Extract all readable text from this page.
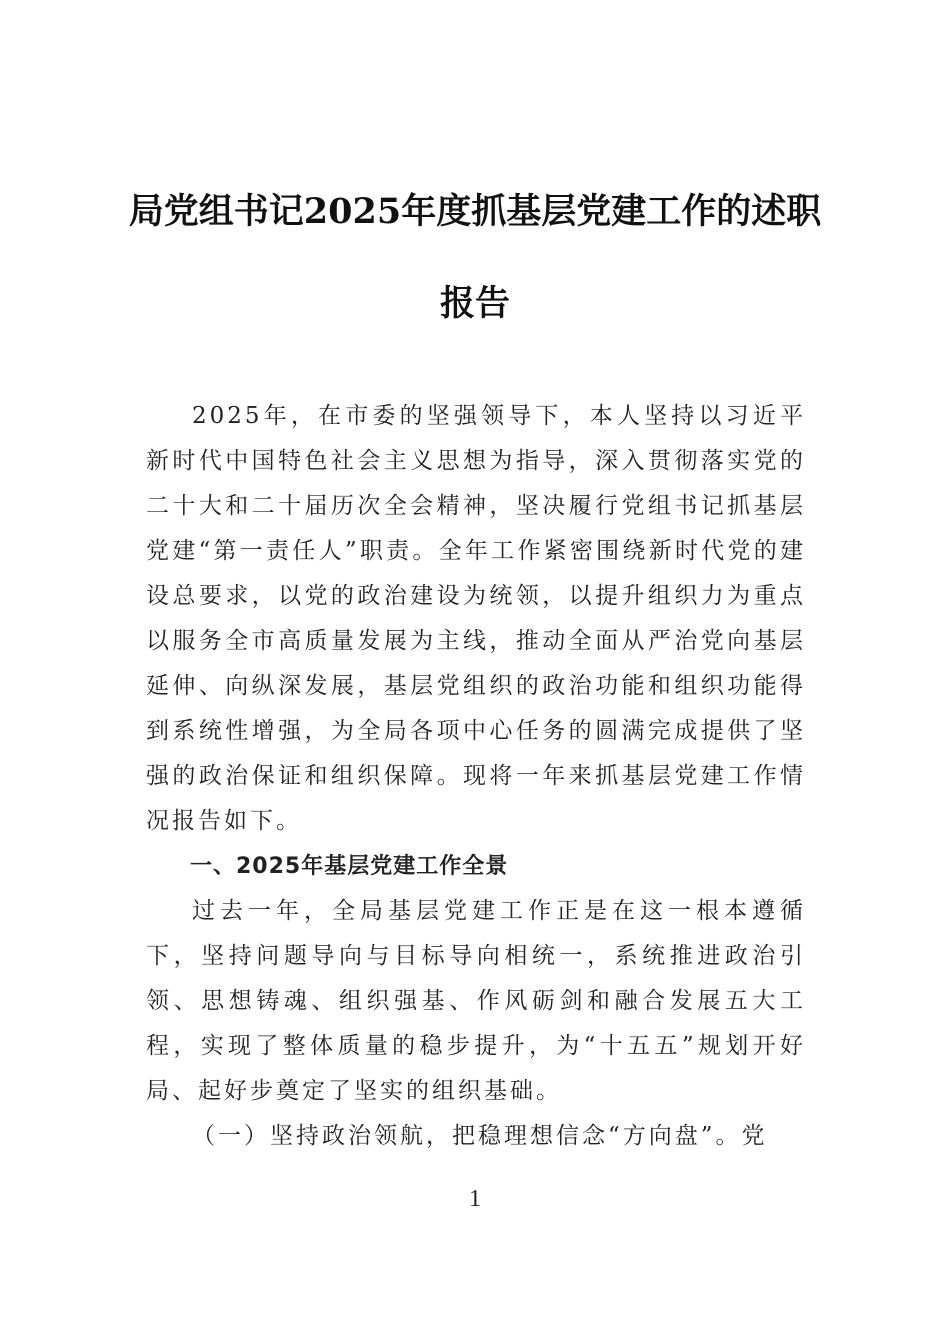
局党组书记2025年度抓基层党建工作的述职报告

2025年，在市委的坚强领导下，本人坚持以习近平新时代中国特色社会主义思想为指导，深入贯彻落实党的二十大和二十届历次全会精神，坚决履行党组书记抓基层党建“第一责任人”职责。全年工作紧密围绕新时代党的建设总要求，以党的政治建设为统领，以提升组织力为重点以服务全市高质量发展为主线，推动全面从严治党向基层延伸、向纵深发展，基层党组织的政治功能和组织功能得到系统性增强，为全局各项中心任务的圆满完成提供了坚强的政治保证和组织保障。现将一年来抓基层党建工作情况报告如下。

一、2025年基层党建工作全景

过去一年，全局基层党建工作正是在这一根本遵循下，坚持问题导向与目标导向相统一，系统推进政治引领、思想铸魂、组织强基、作风砺剑和融合发展五大工程，实现了整体质量的稳步提升，为“十五五”规划开好局、起好步奠定了坚实的组织基础。

（一）坚持政治领航，把稳理想信念“方向盘”。党

1
